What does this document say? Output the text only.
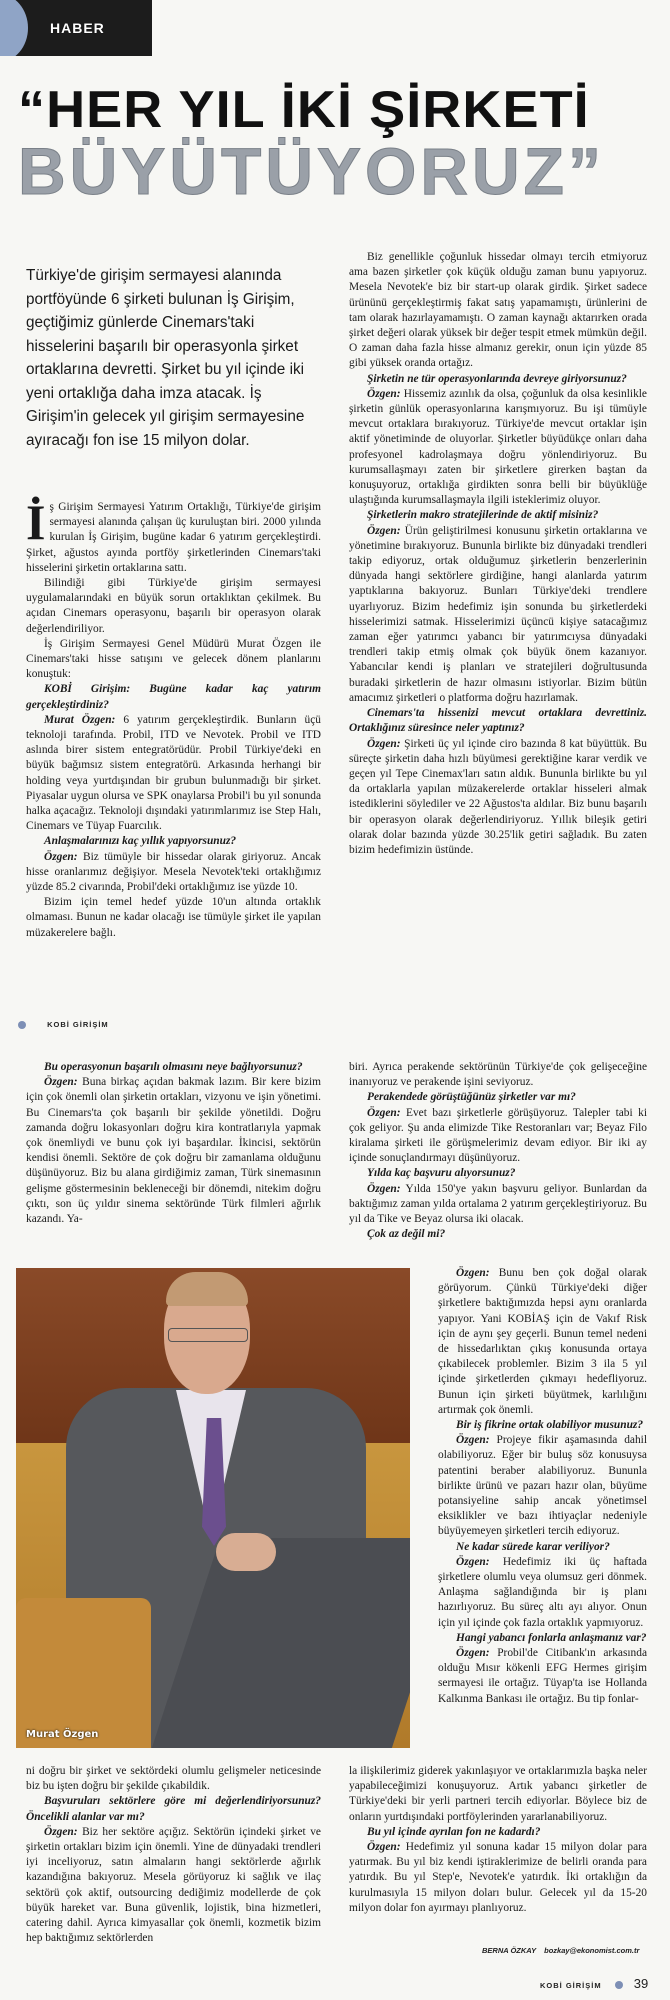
HABER
“HER YIL İKİ ŞİRKETİ
BÜYÜTÜYORUZ”
Türkiye'de girişim sermayesi alanında portföyünde 6 şirketi bulunan İş Girişim, geçtiğimiz günlerde Cinemars'taki hisselerini başarılı bir operasyonla şirket ortaklarına devretti. Şirket bu yıl içinde iki yeni ortaklığa daha imza atacak. İş Girişim'in gelecek yıl girişim sermayesine ayıracağı fon ise 15 milyon dolar.

İş Girişim Sermayesi Yatırım Ortaklığı, Türkiye'de girişim sermayesi alanında çalışan üç kuruluştan biri. 2000 yılında kurulan İş Girişim, bugüne kadar 6 yatırım gerçekleştirdi. Şirket, ağustos ayında portföy şirketlerinden Cinemars'taki hisselerini şirketin ortaklarına sattı.

Bilindiği gibi Türkiye'de girişim sermayesi uygulamalarındaki en büyük sorun ortaklıktan çekilmek. Bu açıdan Cinemars operasyonu, başarılı bir operasyon olarak değerlendiriliyor.

İş Girişim Sermayesi Genel Müdürü Murat Özgen ile Cinemars'taki hisse satışını ve gelecek dönem planlarını konuştuk:

KOBİ Girişim: Bugüne kadar kaç yatırım gerçekleştirdiniz?

Murat Özgen: 6 yatırım gerçekleştirdik. Bunların üçü teknoloji tarafında. Probil, ITD ve Nevotek. Probil ve ITD aslında birer sistem entegratörüdür. Probil Türkiye'deki en büyük bağımsız sistem entegratörü. Arkasında herhangi bir holding veya yurtdışından bir grubun bulunmadığı bir şirket. Piyasalar uygun olursa ve SPK onaylarsa Probil'i bu yıl sonunda halka açacağız. Teknoloji dışındaki yatırımlarımız ise Step Halı, Cinemars ve Tüyap Fuarcılık.

Anlaşmalarınızı kaç yıllık yapıyorsunuz?

Özgen: Biz tümüyle bir hissedar olarak giriyoruz. Ancak hisse oranlarımız değişiyor. Mesela Nevotek'teki ortaklığımız yüzde 85.2 civarında, Probil'deki ortaklığımız ise yüzde 10.

Bizim için temel hedef yüzde 10'un altında ortaklık olmaması. Bunun ne kadar olacağı ise tümüyle şirket ile yapılan müzakerelere bağlı.

Biz genellikle çoğunluk hissedar olmayı tercih etmiyoruz ama bazen şirketler çok küçük olduğu zaman bunu yapıyoruz. Mesela Nevotek'e biz bir start-up olarak girdik. Şirket sadece ürününü gerçekleştirmiş fakat satış yapamamıştı, ürünlerini de tam olarak hazırlayamamıştı. O zaman kaynağı aktarırken orada şirket değeri olarak yüksek bir değer tespit etmek mümkün değil. O zaman daha fazla hisse almanız gerekir, onun için yüzde 85 gibi yüksek oranda ortağız.

Şirketin ne tür operasyonlarında devreye giriyorsunuz?

Özgen: Hissemiz azınlık da olsa, çoğunluk da olsa kesinlikle şirketin günlük operasyonlarına karışmıyoruz. Bu işi tümüyle mevcut ortaklara bırakıyoruz. Türkiye'de mevcut ortaklar işin aktif yönetiminde de oluyorlar. Şirketler büyüdükçe onları daha profesyonel kadrolaşmaya doğru yönlendiriyoruz. Bu kurumsallaşmayı zaten bir şirketlere girerken baştan da konuşuyoruz, ortaklığa girdikten sonra belli bir büyüklüğe ulaştığında kurumsallaşmayla ilgili isteklerimiz oluyor.

Şirketlerin makro stratejilerinde de aktif misiniz?

Özgen: Ürün geliştirilmesi konusunu şirketin ortaklarına ve yönetimine bırakıyoruz. Bununla birlikte biz dünyadaki trendleri takip ediyoruz, ortak olduğumuz şirketlerin benzerlerinin dünyada hangi sektörlere girdiğine, hangi alanlarda yatırım yaptıklarına bakıyoruz. Bunları Türkiye'deki trendlere uyarlıyoruz. Bizim hedefimiz işin sonunda bu şirketlerdeki hisselerimizi satmak. Hisselerimizi üçüncü kişiye satacağımız zaman eğer yatırımcı yabancı bir yatırımcıysa dünyadaki trendleri takip etmiş olmak çok büyük önem kazanıyor. Yabancılar kendi iş planları ve stratejileri doğrultusunda buradaki şirketlerin de hazır olmasını istiyorlar. Bizim bütün amacımız şirketleri o platforma doğru hazırlamak.

Cinemars'ta hissenizi mevcut ortaklara devrettiniz. Ortaklığınız süresince neler yaptınız?

Özgen: Şirketi üç yıl içinde ciro bazında 8 kat büyüttük. Bu süreçte şirketin daha hızlı büyümesi gerektiğine karar verdik ve geçen yıl Tepe Cinemax'ları satın aldık. Bununla birlikte bu yıl da ortaklarla yapılan müzakerelerde ortaklar hisseleri almak istediklerini söylediler ve 22 Ağustos'ta aldılar. Biz bunu başarılı bir operasyon olarak değerlendiriyoruz. Yıllık bileşik getiri olarak dolar bazında yüzde 30.25'lik getiri sağladık. Bu zaten bizim hedefimizin üstünde.

KOBİ GİRİŞİM

Bu operasyonun başarılı olmasını neye bağlıyorsunuz?

Özgen: Buna birkaç açıdan bakmak lazım. Bir kere bizim için çok önemli olan şirketin ortakları, vizyonu ve işin yönetimi. Bu Cinemars'ta çok başarılı bir şekilde yönetildi. Doğru zamanda doğru lokasyonları doğru kira kontratlarıyla yapmak çok önemliydi ve bunu çok iyi başardılar. İkincisi, sektörün kendisi önemli. Sektöre de çok doğru bir zamanlama olduğunu düşünüyoruz. Biz bu alana girdiğimiz zaman, Türk sinemasının gelişme göstermesinin bekleneceği bir dönemdi, nitekim doğru çıktı, son üç yıldır sinema sektöründe Türk filmleri ağırlık kazandı. Ya-

biri. Ayrıca perakende sektörünün Türkiye'de çok gelişeceğine inanıyoruz ve perakende işini seviyoruz.

Perakendede görüştüğünüz şirketler var mı?

Özgen: Evet bazı şirketlerle görüşüyoruz. Talepler tabi ki çok geliyor. Şu anda elimizde Tike Restoranları var; Beyaz Filo kiralama şirketi ile görüşmelerimiz devam ediyor. Bir iki ay içinde sonuçlandırmayı düşünüyoruz.

Yılda kaç başvuru alıyorsunuz?

Özgen: Yılda 150'ye yakın başvuru geliyor. Bunlardan da baktığımız zaman yılda ortalama 2 yatırım gerçekleştiriyoruz. Bu yıl da Tike ve Beyaz olursa iki olacak.

Çok az değil mi?

Murat Özgen

Özgen: Bunu ben çok doğal olarak görüyorum. Çünkü Türkiye'deki diğer şirketlere baktığımızda hepsi aynı oranlarda yapıyor. Yani KOBİAŞ için de Vakıf Risk için de aynı şey geçerli. Bunun temel nedeni de hissedarlıktan çıkış konusunda ortaya çıkabilecek problemler. Bizim 3 ila 5 yıl içinde şirketlerden çıkmayı hedefliyoruz. Bunun için şirketi büyütmek, karlılığını artırmak çok önemli.

Bir iş fikrine ortak olabiliyor musunuz?

Özgen: Projeye fikir aşamasında dahil olabiliyoruz. Eğer bir buluş söz konusuysa patentini beraber alabiliyoruz. Bununla birlikte ürünü ve pazarı hazır olan, büyüme potansiyeline sahip ancak yönetimsel eksiklikler ve bazı ihtiyaçlar nedeniyle büyüyemeyen şirketleri tercih ediyoruz.

Ne kadar sürede karar veriliyor?

Özgen: Hedefimiz iki üç haftada şirketlere olumlu veya olumsuz geri dönmek. Anlaşma sağlandığında bir iş planı hazırlıyoruz. Bu süreç altı ayı alıyor. Onun için yıl içinde çok fazla ortaklık yapmıyoruz.

Hangi yabancı fonlarla anlaşmanız var?

Özgen: Probil'de Citibank'ın arkasında olduğu Mısır kökenli EFG Hermes girişim sermayesi ile ortağız. Tüyap'ta ise Hollanda Kalkınma Bankası ile ortağız. Bu tip fonlar-

ni doğru bir şirket ve sektördeki olumlu gelişmeler neticesinde biz bu işten doğru bir şekilde çıkabildik.

Başvuruları sektörlere göre mi değerlendiriyorsunuz? Öncelikli alanlar var mı?

Özgen: Biz her sektöre açığız. Sektörün içindeki şirket ve şirketin ortakları bizim için önemli. Yine de dünyadaki trendleri iyi inceliyoruz, satın almaların hangi sektörlerde ağırlık kazandığına bakıyoruz. Mesela görüyoruz ki sağlık ve ilaç sektörü çok aktif, outsourcing dediğimiz modellerde de çok büyük hareket var. Buna güvenlik, lojistik, bina hizmetleri, catering dahil. Ayrıca kimyasallar çok önemli, kozmetik bizim hep baktığımız sektörlerden

la ilişkilerimiz giderek yakınlaşıyor ve ortaklarımızla başka neler yapabileceğimizi konuşuyoruz. Artık yabancı şirketler de Türkiye'deki bir yerli partneri tercih ediyorlar. Böylece biz de onların yurtdışındaki portföylerinden yararlanabiliyoruz.

Bu yıl içinde ayrılan fon ne kadardı?

Özgen: Hedefimiz yıl sonuna kadar 15 milyon dolar para yatırmak. Bu yıl biz kendi iştiraklerimize de belirli oranda para yatırdık. Bu yıl Step'e, Nevotek'e yatırdık. İki ortaklığın da kurulmasıyla 15 milyon doları bulur. Gelecek yıl da 15-20 milyon dolar fon ayırmayı planlıyoruz.

BERNA ÖZKAY bozkay@ekonomist.com.tr
KOBİ GİRİŞİM 39
